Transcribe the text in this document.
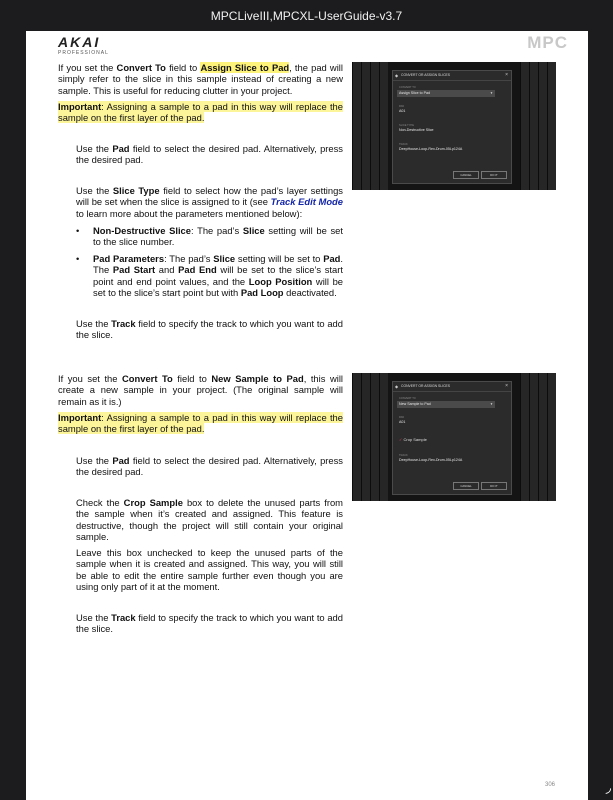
MPCLiveIII,MPCXL-UserGuide-v3.7
AKAI
PROFESSIONAL
MPC

If you set the Convert To field to Assign Slice to Pad, the pad will simply refer to the slice in this sample instead of creating a new sample. This is useful for reducing clutter in your project.

Important: Assigning a sample to a pad in this way will replace the sample on the first layer of the pad.

Use the Pad field to select the desired pad. Alternatively, press the desired pad.

Use the Slice Type field to select how the pad’s layer settings will be set when the slice is assigned to it (see Track Edit Mode to learn more about the parameters mentioned below):

• Non-Destructive Slice: The pad’s Slice setting will be set to the slice number.
• Pad Parameters: The pad’s Slice setting will be set to Pad. The Pad Start and Pad End will be set to the slice’s start point and end point values, and the Loop Position will be set to the slice’s start point but with Pad Loop deactivated.

Use the Track field to specify the track to which you want to add the slice.

◆ CONVERT OR ASSIGN SLICES	×
CONVERT TO
Assign Slice to Pad	▼
PAD
A01
SLICE TYPE
Non-Destructive Slice
TRACK
DeepHouse-Loop-Rex-Drum-05Lp124A
CANCEL	DO IT

If you set the Convert To field to New Sample to Pad, this will create a new sample in your project. (The original sample will remain as it is.)

Important: Assigning a sample to a pad in this way will replace the sample on the first layer of the pad.

Use the Pad field to select the desired pad. Alternatively, press the desired pad.

Check the Crop Sample box to delete the unused parts from the sample when it’s created and assigned. This feature is destructive, though the project will still contain your original sample.

Leave this box unchecked to keep the unused parts of the sample when it is created and assigned. This way, you will still be able to edit the entire sample further even though you are using only part of it at the moment.

Use the Track field to specify the track to which you want to add the slice.

◆ CONVERT OR ASSIGN SLICES	×
CONVERT TO
New Sample to Pad	▼
PAD
A01
✓ Crop Sample
TRACK
DeepHouse-Loop-Rex-Drum-05Lp124A
CANCEL	DO IT
306	◞
